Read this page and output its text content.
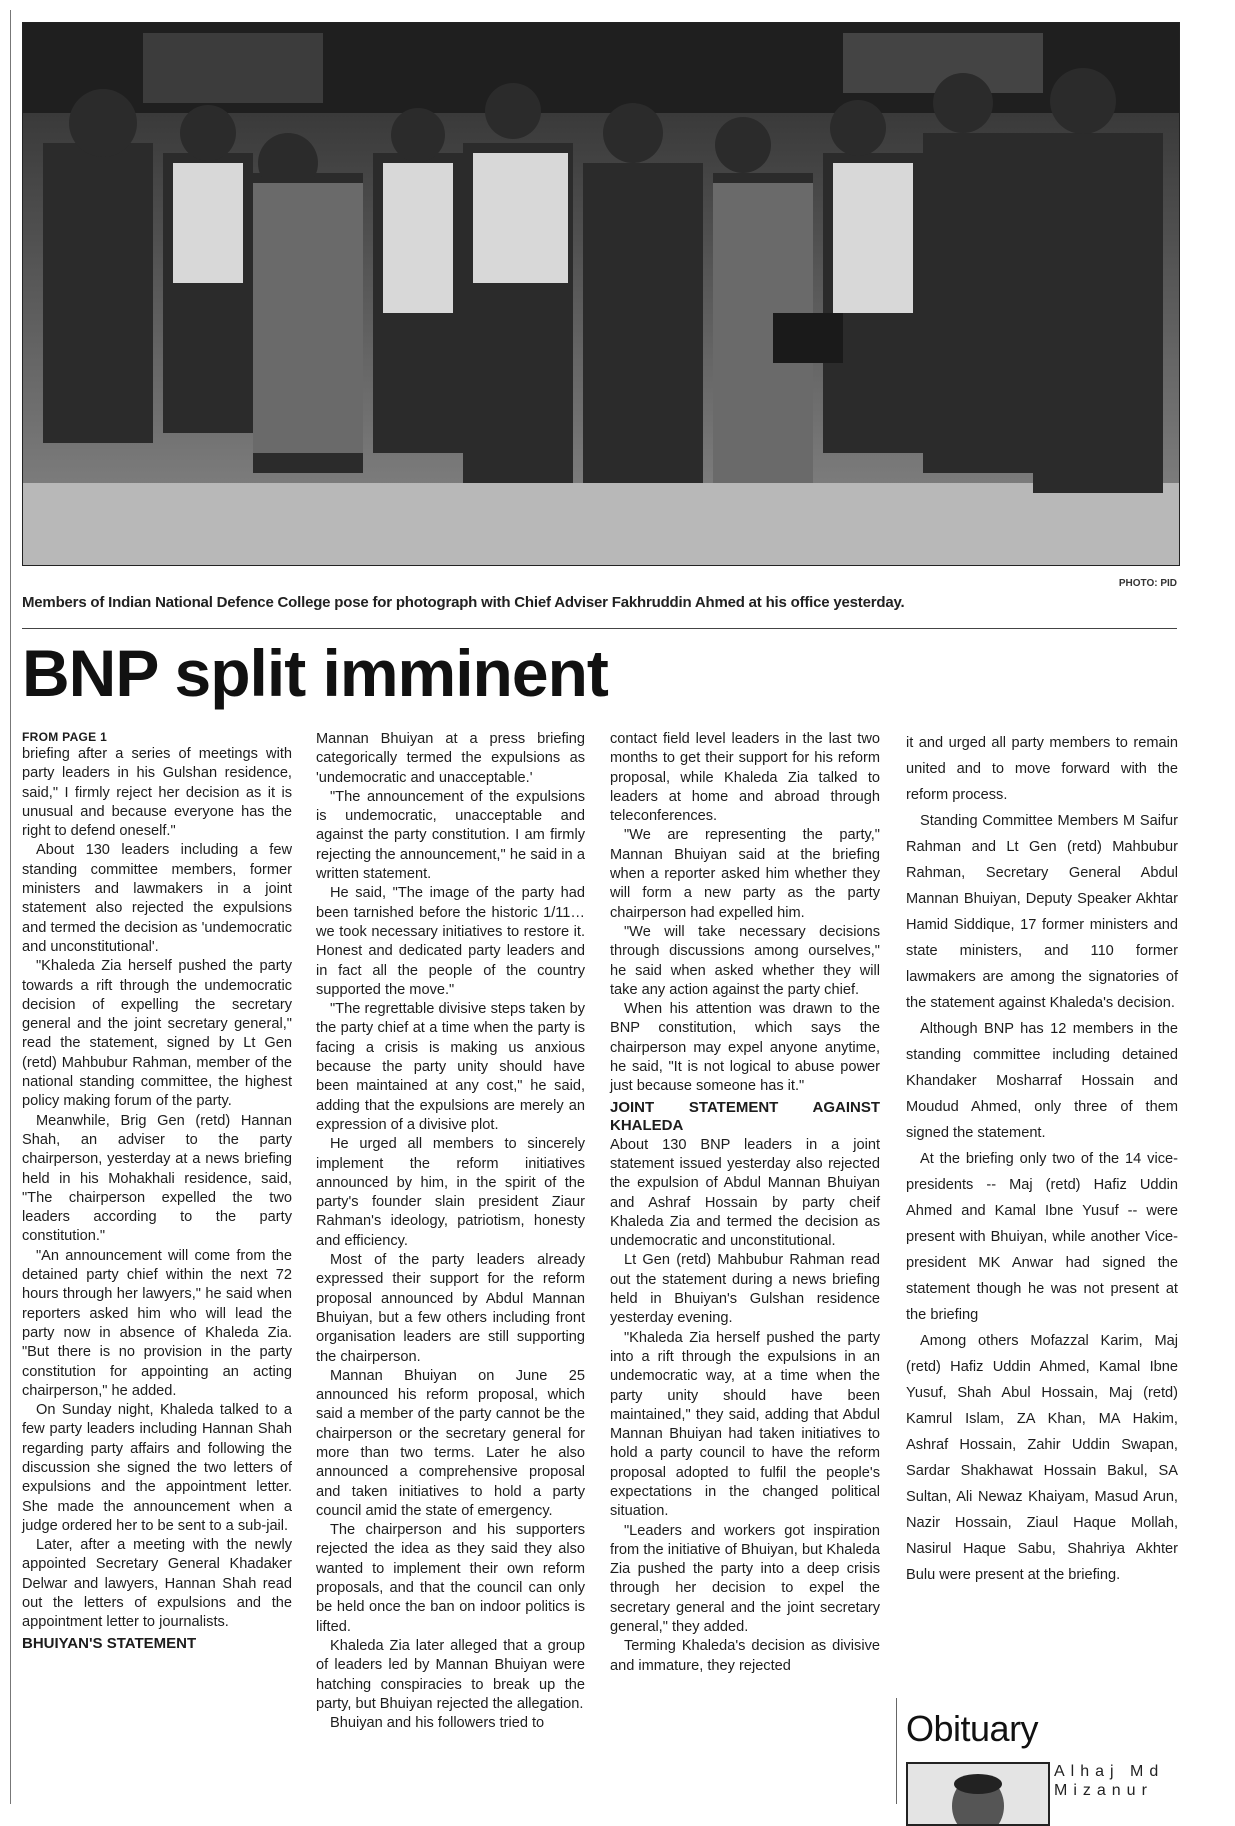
PHOTO: PID
Members of Indian National Defence College pose for photograph with Chief Adviser Fakhruddin Ahmed at his office yesterday.
BNP split imminent
FROM PAGE 1

briefing after a series of meetings with party leaders in his Gulshan residence, said," I firmly reject her decision as it is unusual and because everyone has the right to defend oneself."

About 130 leaders including a few standing committee members, former ministers and lawmakers in a joint statement also rejected the expulsions and termed the decision as 'undemocratic and unconstitutional'.

"Khaleda Zia herself pushed the party towards a rift through the undemocratic decision of expelling the secretary general and the joint secretary general," read the statement, signed by Lt Gen (retd) Mahbubur Rahman, member of the national standing committee, the highest policy making forum of the party.

Meanwhile, Brig Gen (retd) Hannan Shah, an adviser to the party chairperson, yesterday at a news briefing held in his Mohakhali residence, said, "The chairperson expelled the two leaders according to the party constitution."

"An announcement will come from the detained party chief within the next 72 hours through her lawyers," he said when reporters asked him who will lead the party now in absence of Khaleda Zia. "But there is no provision in the party constitution for appointing an acting chairperson," he added.

On Sunday night, Khaleda talked to a few party leaders including Hannan Shah regarding party affairs and following the discussion she signed the two letters of expulsions and the appointment letter. She made the announcement when a judge ordered her to be sent to a sub-jail.

Later, after a meeting with the newly appointed Secretary General Khadaker Delwar and lawyers, Hannan Shah read out the letters of expulsions and the appointment letter to journalists.

BHUIYAN'S STATEMENT

Mannan Bhuiyan at a press briefing categorically termed the expulsions as 'undemocratic and unacceptable.'

"The announcement of the expulsions is undemocratic, unacceptable and against the party constitution. I am firmly rejecting the announcement," he said in a written statement.

He said, "The image of the party had been tarnished before the historic 1/11…we took necessary initiatives to restore it. Honest and dedicated party leaders and in fact all the people of the country supported the move."

"The regrettable divisive steps taken by the party chief at a time when the party is facing a crisis is making us anxious because the party unity should have been maintained at any cost," he said, adding that the expulsions are merely an expression of a divisive plot.

He urged all members to sincerely implement the reform initiatives announced by him, in the spirit of the party's founder slain president Ziaur Rahman's ideology, patriotism, honesty and efficiency.

Most of the party leaders already expressed their support for the reform proposal announced by Abdul Mannan Bhuiyan, but a few others including front organisation leaders are still supporting the chairperson.

Mannan Bhuiyan on June 25 announced his reform proposal, which said a member of the party cannot be the chairperson or the secretary general for more than two terms. Later he also announced a comprehensive proposal and taken initiatives to hold a party council amid the state of emergency.

The chairperson and his supporters rejected the idea as they said they also wanted to implement their own reform proposals, and that the council can only be held once the ban on indoor politics is lifted.

Khaleda Zia later alleged that a group of leaders led by Mannan Bhuiyan were hatching conspiracies to break up the party, but Bhuiyan rejected the allegation.

Bhuiyan and his followers tried to

contact field level leaders in the last two months to get their support for his reform proposal, while Khaleda Zia talked to leaders at home and abroad through teleconferences.

"We are representing the party," Mannan Bhuiyan said at the briefing when a reporter asked him whether they will form a new party as the party chairperson had expelled him.

"We will take necessary decisions through discussions among ourselves," he said when asked whether they will take any action against the party chief.

When his attention was drawn to the BNP constitution, which says the chairperson may expel anyone anytime, he said, "It is not logical to abuse power just because someone has it."

JOINT STATEMENT AGAINST KHALEDA

About 130 BNP leaders in a joint statement issued yesterday also rejected the expulsion of Abdul Mannan Bhuiyan and Ashraf Hossain by party cheif Khaleda Zia and termed the decision as undemocratic and unconstitutional.

Lt Gen (retd) Mahbubur Rahman read out the statement during a news briefing held in Bhuiyan's Gulshan residence yesterday evening.

"Khaleda Zia herself pushed the party into a rift through the expulsions in an undemocratic way, at a time when the party unity should have been maintained," they said, adding that Abdul Mannan Bhuiyan had taken initiatives to hold a party council to have the reform proposal adopted to fulfil the people's expectations in the changed political situation.

"Leaders and workers got inspiration from the initiative of Bhuiyan, but Khaleda Zia pushed the party into a deep crisis through her decision to expel the secretary general and the joint secretary general," they added.

Terming Khaleda's decision as divisive and immature, they rejected

it and urged all party members to remain united and to move forward with the reform process.

Standing Committee Members M Saifur Rahman and Lt Gen (retd) Mahbubur Rahman, Secretary General Abdul Mannan Bhuiyan, Deputy Speaker Akhtar Hamid Siddique, 17 former ministers and state ministers, and 110 former lawmakers are among the signatories of the statement against Khaleda's decision.

Although BNP has 12 members in the standing committee including detained Khandaker Mosharraf Hossain and Moudud Ahmed, only three of them signed the statement.

At the briefing only two of the 14 vice-presidents -- Maj (retd) Hafiz Uddin Ahmed and Kamal Ibne Yusuf -- were present with Bhuiyan, while another Vice-president MK Anwar had signed the statement though he was not present at the briefing

Among others Mofazzal Karim, Maj (retd) Hafiz Uddin Ahmed, Kamal Ibne Yusuf, Shah Abul Hossain, Maj (retd) Kamrul Islam, ZA Khan, MA Hakim, Ashraf Hossain, Zahir Uddin Swapan, Sardar Shakhawat Hossain Bakul, SA Sultan, Ali Newaz Khaiyam, Masud Arun, Nazir Hossain, Ziaul Haque Mollah, Nasirul Haque Sabu, Shahriya Akhter Bulu were present at the briefing.

Obituary
Alhaj Md
Mizanur
